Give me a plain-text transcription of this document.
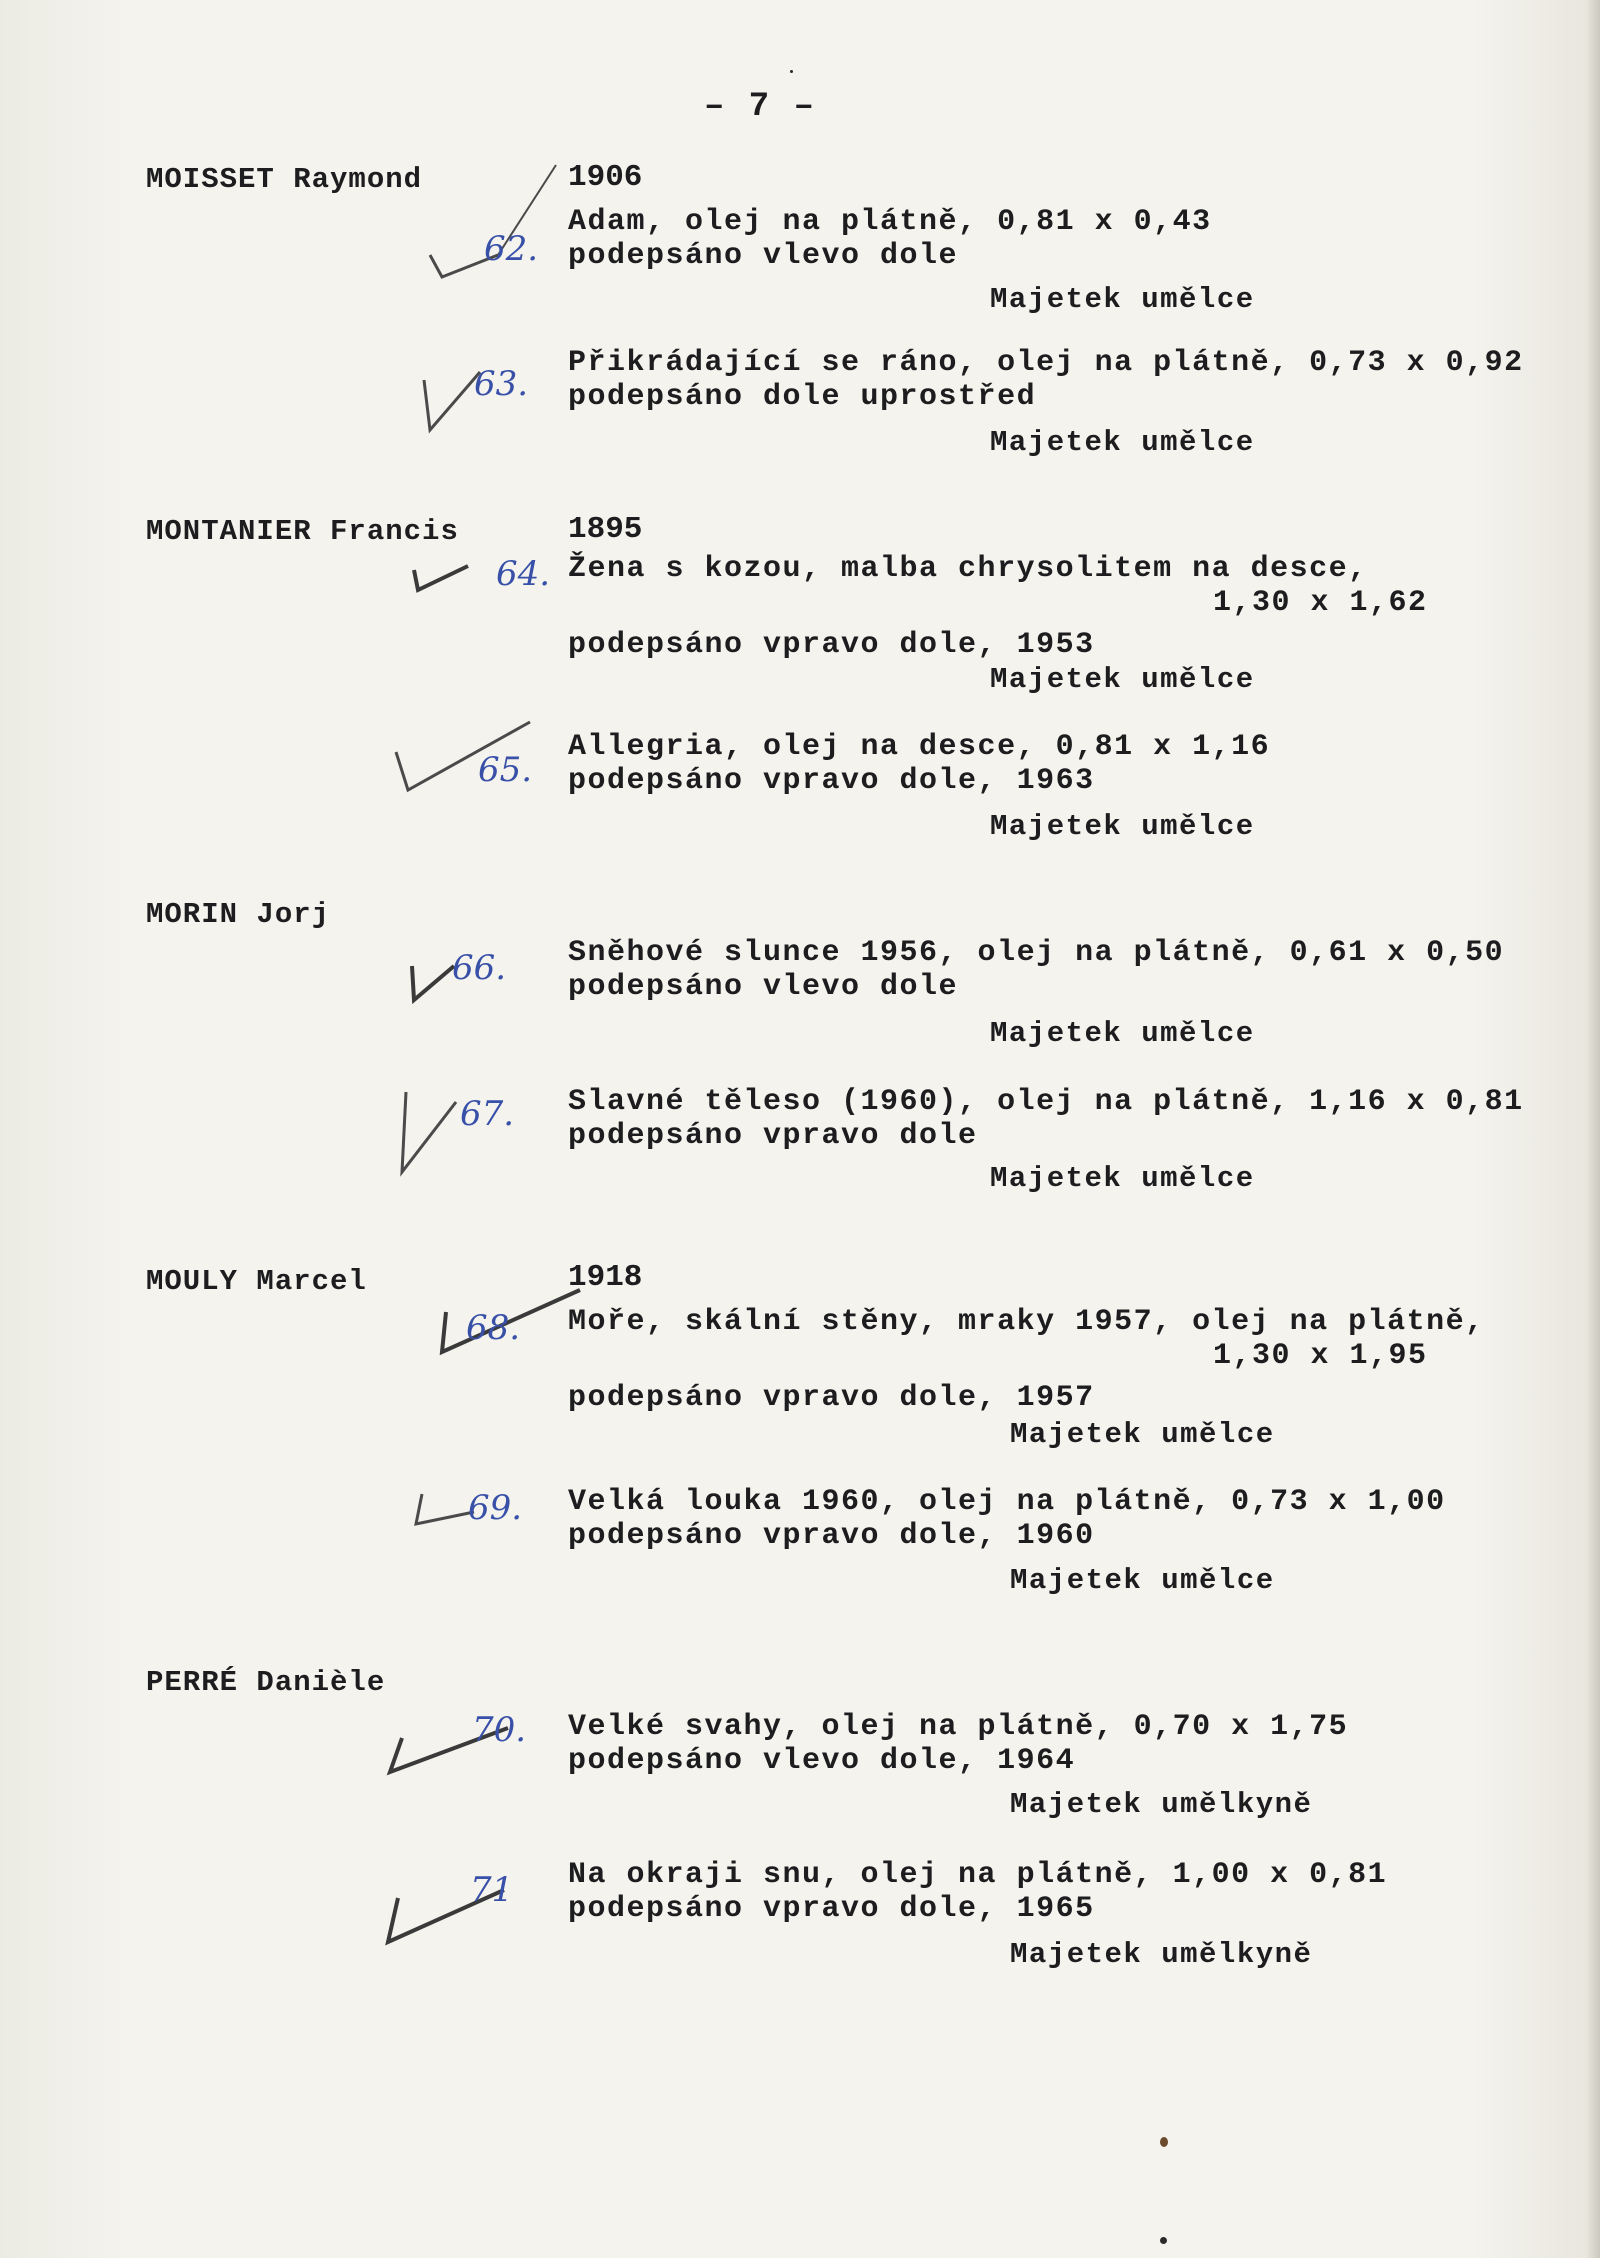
– 7 –
MOISSET Raymond	1906
62.
Adam, olej na plátně, 0,81 x 0,43
podepsáno vlevo dole
Majetek umělce
63.
Přikrádající se ráno, olej na plátně, 0,73 x 0,92
podepsáno dole uprostřed
Majetek umělce
MONTANIER Francis	1895
64. Žena s kozou, malba chrysolitem na desce,
1,30 x 1,62
podepsáno vpravo dole, 1953
Majetek umělce
65.
Allegria, olej na desce, 0,81 x 1,16
podepsáno vpravo dole, 1963
Majetek umělce
MORIN Jorj
66. Sněhové slunce 1956, olej na plátně, 0,61 x 0,50
podepsáno vlevo dole
Majetek umělce
67. Slavné těleso (1960), olej na plátně, 1,16 x 0,81
podepsáno vpravo dole
Majetek umělce
MOULY Marcel	1918
68. Moře, skální stěny, mraky 1957, olej na plátně,
1,30 x 1,95
podepsáno vpravo dole, 1957
Majetek umělce
69. Velká louka 1960, olej na plátně, 0,73 x 1,00
podepsáno vpravo dole, 1960
Majetek umělce
PERRÉ Danièle
70. Velké svahy, olej na plátně, 0,70 x 1,75
podepsáno vlevo dole, 1964
Majetek umělkyně
71 Na okraji snu, olej na plátně, 1,00 x 0,81
podepsáno vpravo dole, 1965
Majetek umělkyně
